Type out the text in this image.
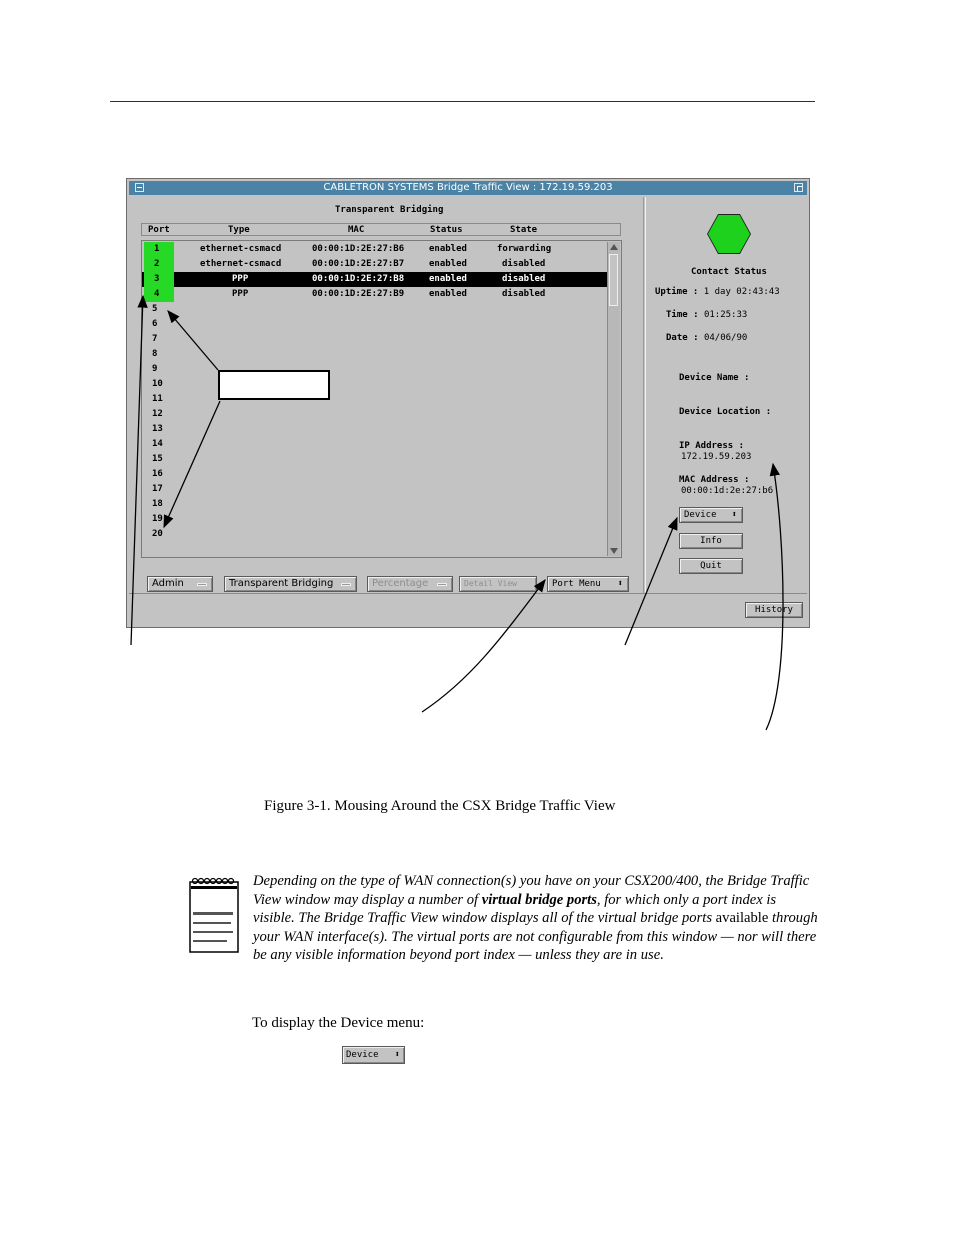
CABLETRON SYSTEMS Bridge Traffic View : 172.19.59.203
Transparent Bridging
Port	Type	MAC	Status	State
1	ethernet-csmacd	00:00:1D:2E:27:B6	enabled	forwarding
2	ethernet-csmacd	00:00:1D:2E:27:B7	enabled	disabled
3	PPP	00:00:1D:2E:27:B8	enabled	disabled
4	PPP	00:00:1D:2E:27:B9	enabled	disabled
5
6
7
8
9
10
11
12
13
14
15
16
17
18
19
20
Admin	Transparent Bridging	Percentage	Detail View	Port Menu ⬍
Contact Status
Uptime : 1 day 02:43:43
Time : 01:25:33
Date : 04/06/90
Device Name :
Device Location :
IP Address :
172.19.59.203
MAC Address :
00:00:1d:2e:27:b6
Device ⬍
Info
Quit
History
Figure 3-1. Mousing Around the CSX Bridge Traffic View
Depending on the type of WAN connection(s) you have on your CSX200/400, the Bridge Traffic View window may display a number of virtual bridge ports, for which only a port index is visible. The Bridge Traffic View window displays all of the virtual bridge ports available through your WAN interface(s). The virtual ports are not configurable from this window — nor will there be any visible information beyond port index — unless they are in use.
To display the Device menu:
Device ⬍
